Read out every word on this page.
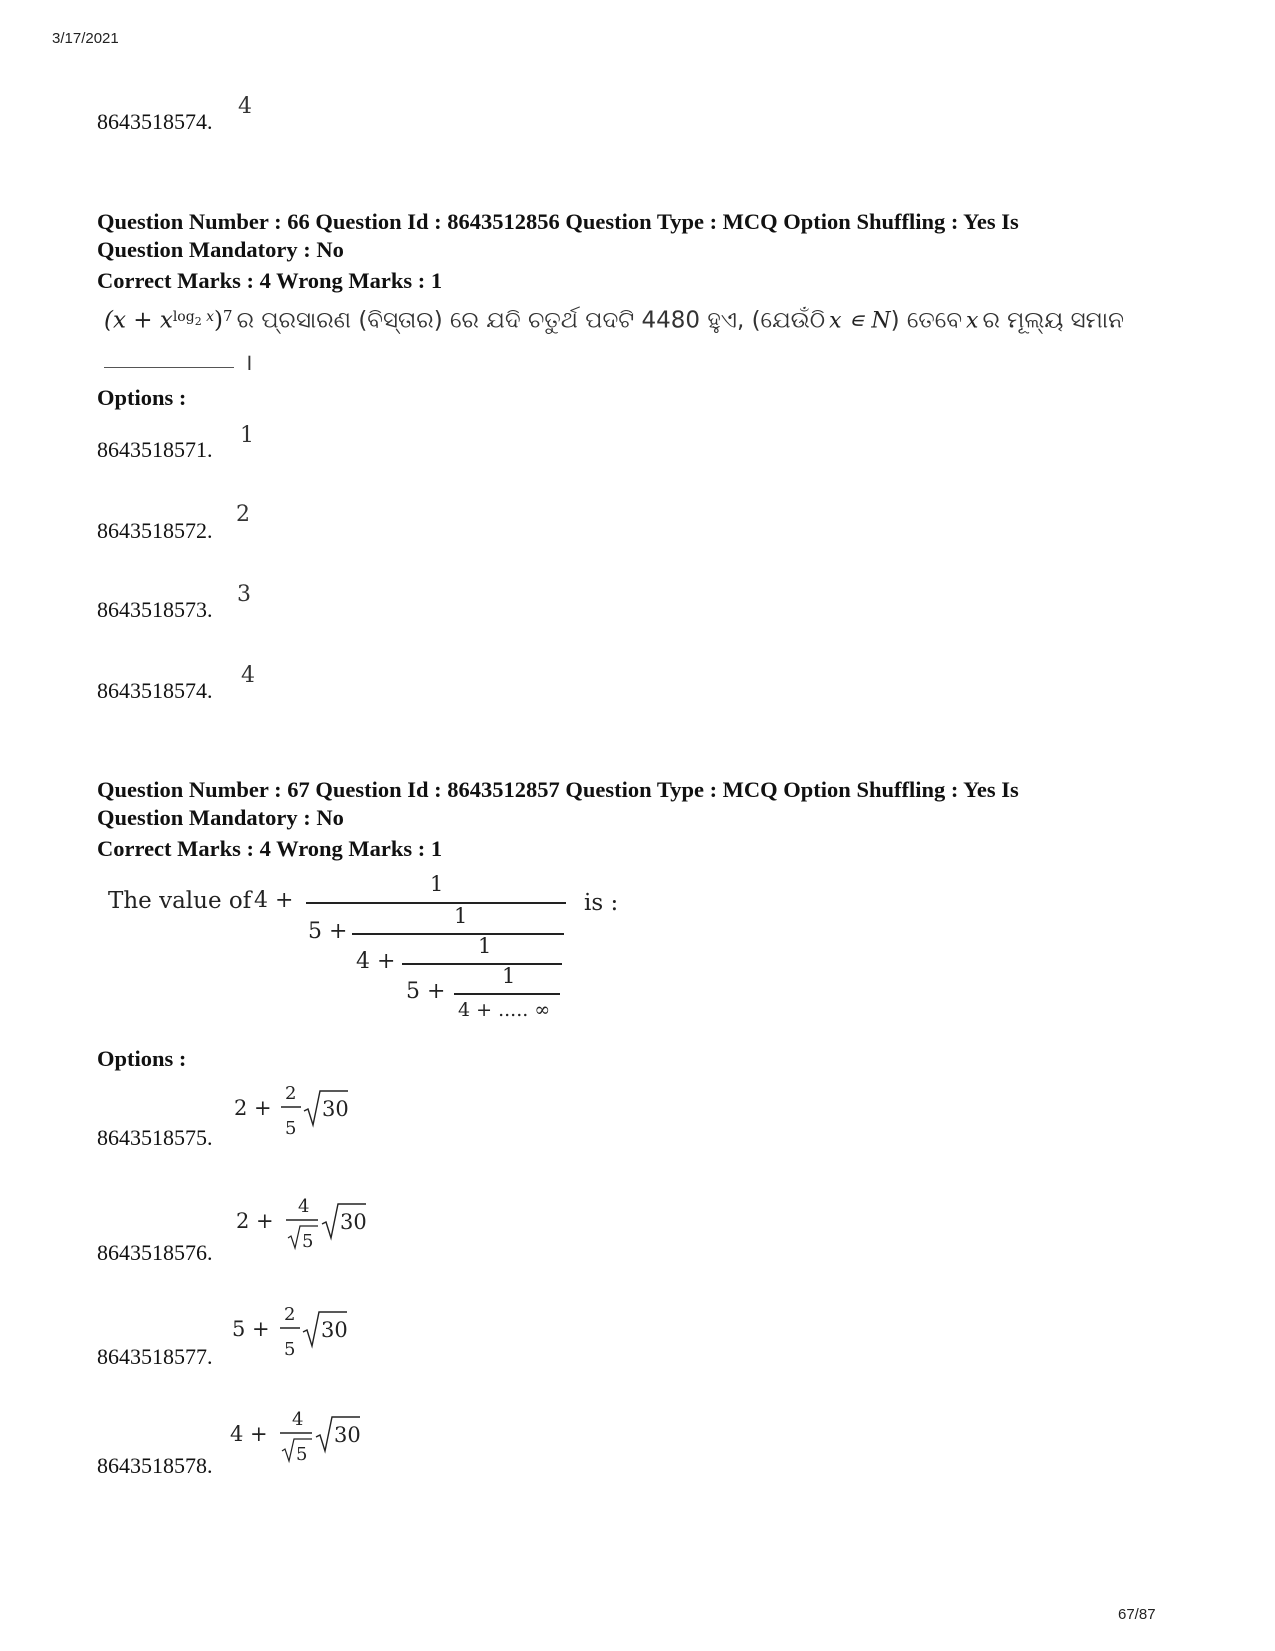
3/17/2021
8643518574.
4
Question Number : 66 Question Id : 8643512856 Question Type : MCQ Option Shuffling : Yes Is Question Mandatory : No
Correct Marks : 4 Wrong Marks : 1
$(x + x^{log_2 x})^7$ ର ପ୍ରସାରଣ (ବିସ୍ତାର) ରେ ଯଦି ଚତୁର୍ଥ ପଦଟି 4480 ହୁଏ, (ଯେଉଁଠି x ∊ N) ତେବେ x ର ମୂଲ୍ୟ ସମାନ
।
Options :
8643518571.
1
8643518572.
2
8643518573.
3
8643518574.
4
Question Number : 67 Question Id : 8643512857 Question Type : MCQ Option Shuffling : Yes Is Question Mandatory : No
Correct Marks : 4 Wrong Marks : 1
The value of 4 +
1
5 +
1
4 +
1
5 +
1
4 + ..... ∞
is :
Options :
8643518575.
2 +
2
5
30
8643518576.
2 +
4
5
30
8643518577.
5 +
2
5
30
8643518578.
4 +
4
5
30
67/87
